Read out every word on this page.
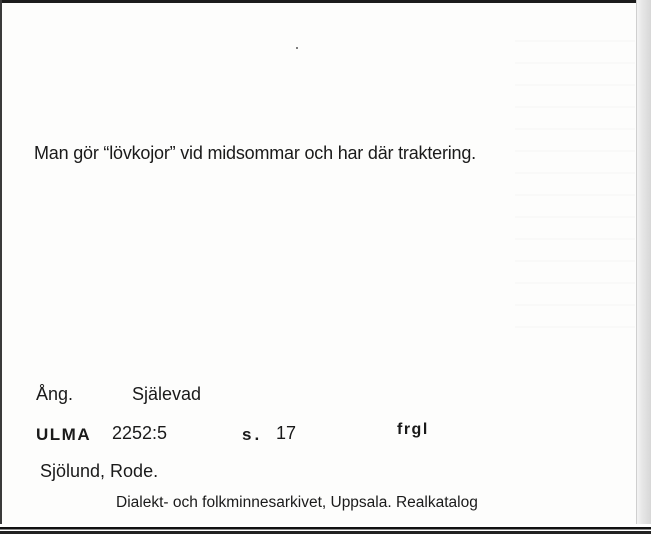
Man gör “lövkojor” vid midsommar och har där traktering.
Ång.	Själevad
ULMA 2252:5	s. 17	frgl
Sjölund, Rode.
Dialekt- och folkminnesarkivet, Uppsala. Realkatalog
